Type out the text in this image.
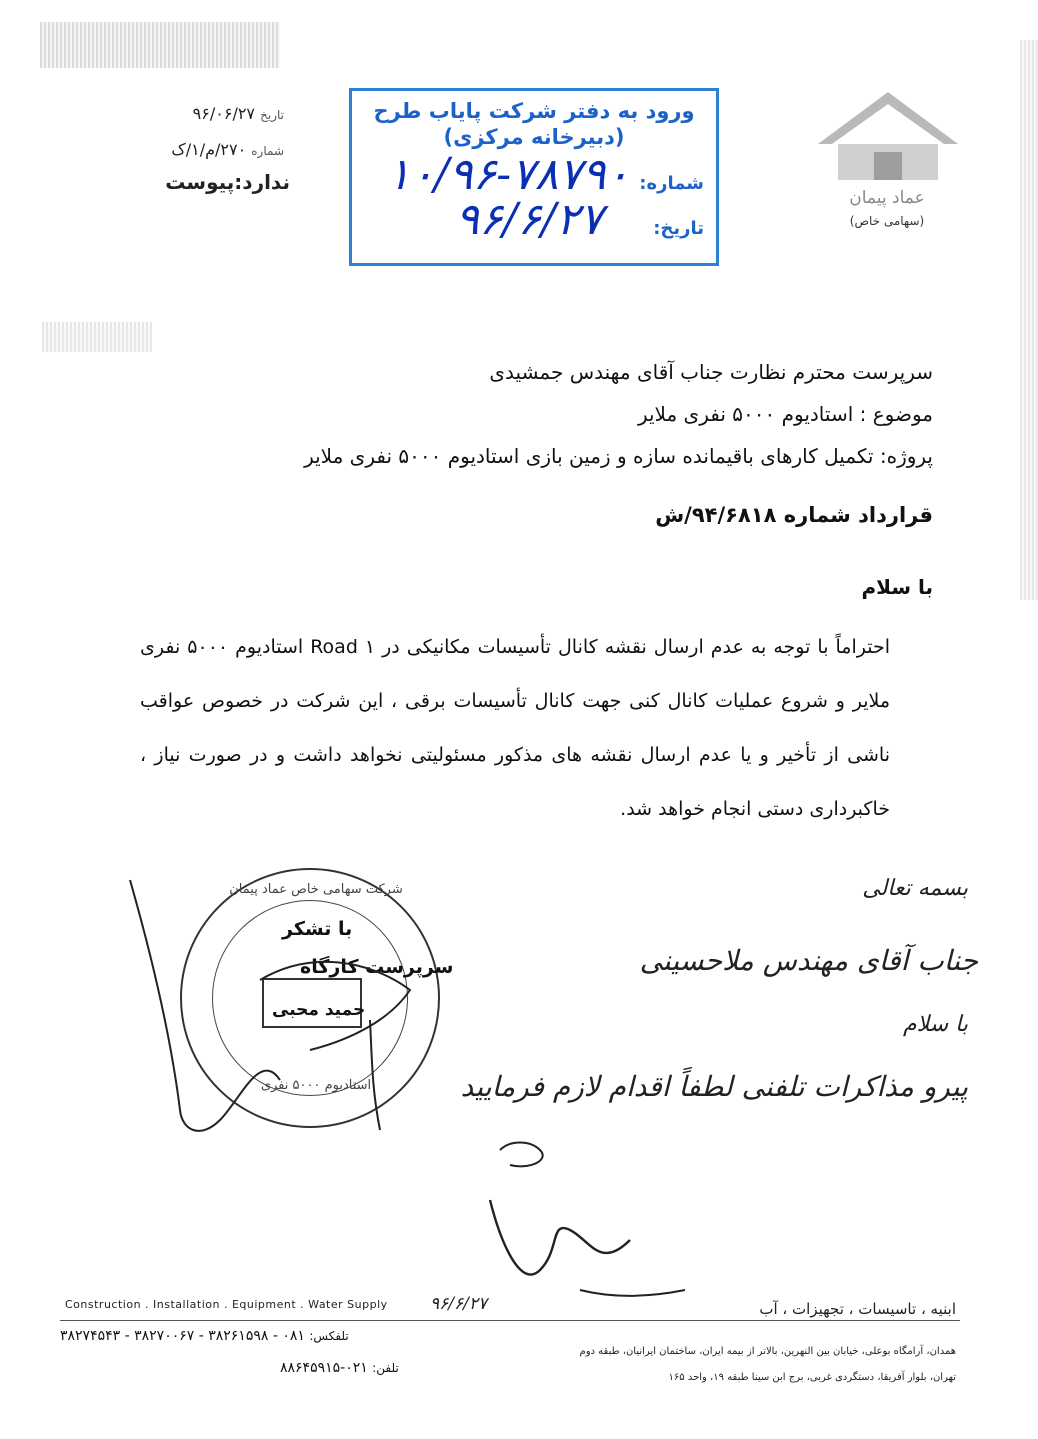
تاریخ ۹۶/۰۶/۲۷
شماره ۲۷۰/م/۱/ک
ندارد:پیوست
ورود به دفتر شرکت پایاب طرح
(دبیرخانه مرکزی)
شماره:
۱۰/۹۶-۷۸۷۹۰
تاریخ:
۹۶/۶/۲۷	عماد پیمان
(سهامی خاص)
سرپرست محترم نظارت جناب آقای مهندس جمشیدی
موضوع : استادیوم ۵۰۰۰ نفری ملایر
پروژه: تکمیل کارهای باقیمانده سازه و زمین بازی استادیوم ۵۰۰۰ نفری ملایر
قرارداد شماره ۹۴/۶۸۱۸/ش
با سلام
احتراماً با توجه به عدم ارسال نقشه کانال تأسیسات مکانیکی در Road ۱ استادیوم ۵۰۰۰ نفری ملایر و شروع عملیات کانال کنی جهت کانال تأسیسات برقی ، این شرکت در خصوص عواقب ناشی از تأخیر و یا عدم ارسال نقشه های مذکور مسئولیتی نخواهد داشت و در صورت نیاز ، خاکبرداری دستی انجام خواهد شد.
شرکت سهامی خاص عماد پیمان
استادیوم ۵۰۰۰ نفری
با تشکر
سرپرست کارگاه
حمید محبی
بسمه تعالی
جناب آقای مهندس ملاحسینی
با سلام
پیرو مذاکرات تلفنی لطفاً اقدام لازم فرمایید
۹۶/۶/۲۷
Construction . Installation . Equipment . Water Supply	ابنیه ، تاسیسات ، تجهیزات ، آب
تلفکس: ۰۸۱ - ۳۸۲۶۱۵۹۸ - ۳۸۲۷۰۰۶۷ - ۳۸۲۷۴۵۴۳
تلفن: ۰۲۱-۸۸۶۴۵۹۱۵
همدان، آرامگاه بوعلی، خیابان بین النهرین، بالاتر از بیمه ایران، ساختمان ایرانیان، طبقه دوم
تهران، بلوار آفریقا، دستگردی غربی، برج ابن سینا طبقه ۱۹، واحد ۱۶۵
